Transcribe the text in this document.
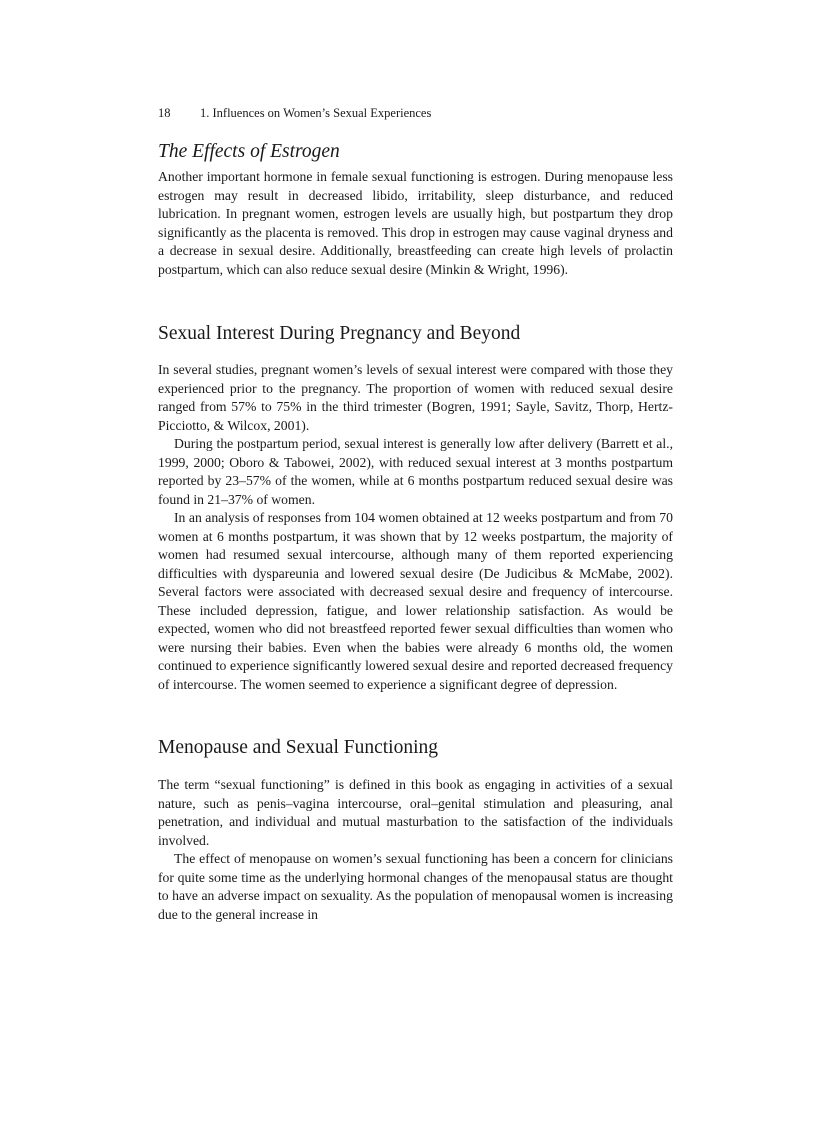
18 1. Influences on Women’s Sexual Experiences
The Effects of Estrogen

Another important hormone in female sexual functioning is estrogen. During menopause less estrogen may result in decreased libido, irritability, sleep disturbance, and reduced lubrication. In pregnant women, estrogen levels are usually high, but postpartum they drop significantly as the placenta is removed. This drop in estrogen may cause vaginal dryness and a decrease in sexual desire. Additionally, breastfeeding can create high levels of prolactin postpartum, which can also reduce sexual desire (Minkin & Wright, 1996).

Sexual Interest During Pregnancy and Beyond

In several studies, pregnant women’s levels of sexual interest were compared with those they experienced prior to the pregnancy. The proportion of women with reduced sexual desire ranged from 57% to 75% in the third trimester (Bogren, 1991; Sayle, Savitz, Thorp, Hertz-Picciotto, & Wilcox, 2001).

During the postpartum period, sexual interest is generally low after delivery (Barrett et al., 1999, 2000; Oboro & Tabowei, 2002), with reduced sexual interest at 3 months postpartum reported by 23–57% of the women, while at 6 months postpartum reduced sexual desire was found in 21–37% of women.

In an analysis of responses from 104 women obtained at 12 weeks postpartum and from 70 women at 6 months postpartum, it was shown that by 12 weeks postpartum, the majority of women had resumed sexual intercourse, although many of them reported experiencing difficulties with dyspareunia and lowered sexual desire (De Judicibus & McMabe, 2002). Several factors were associated with decreased sexual desire and frequency of intercourse. These included depression, fatigue, and lower relationship satisfaction. As would be expected, women who did not breastfeed reported fewer sexual difficulties than women who were nursing their babies. Even when the babies were already 6 months old, the women continued to experience significantly lowered sexual desire and reported decreased frequency of intercourse. The women seemed to experience a significant degree of depression.

Menopause and Sexual Functioning

The term “sexual functioning” is defined in this book as engaging in activities of a sexual nature, such as penis–vagina intercourse, oral–genital stimulation and pleasuring, anal penetration, and individual and mutual masturbation to the satisfaction of the individuals involved.

The effect of menopause on women’s sexual functioning has been a concern for clinicians for quite some time as the underlying hormonal changes of the menopausal status are thought to have an adverse impact on sexuality. As the population of menopausal women is increasing due to the general increase in
